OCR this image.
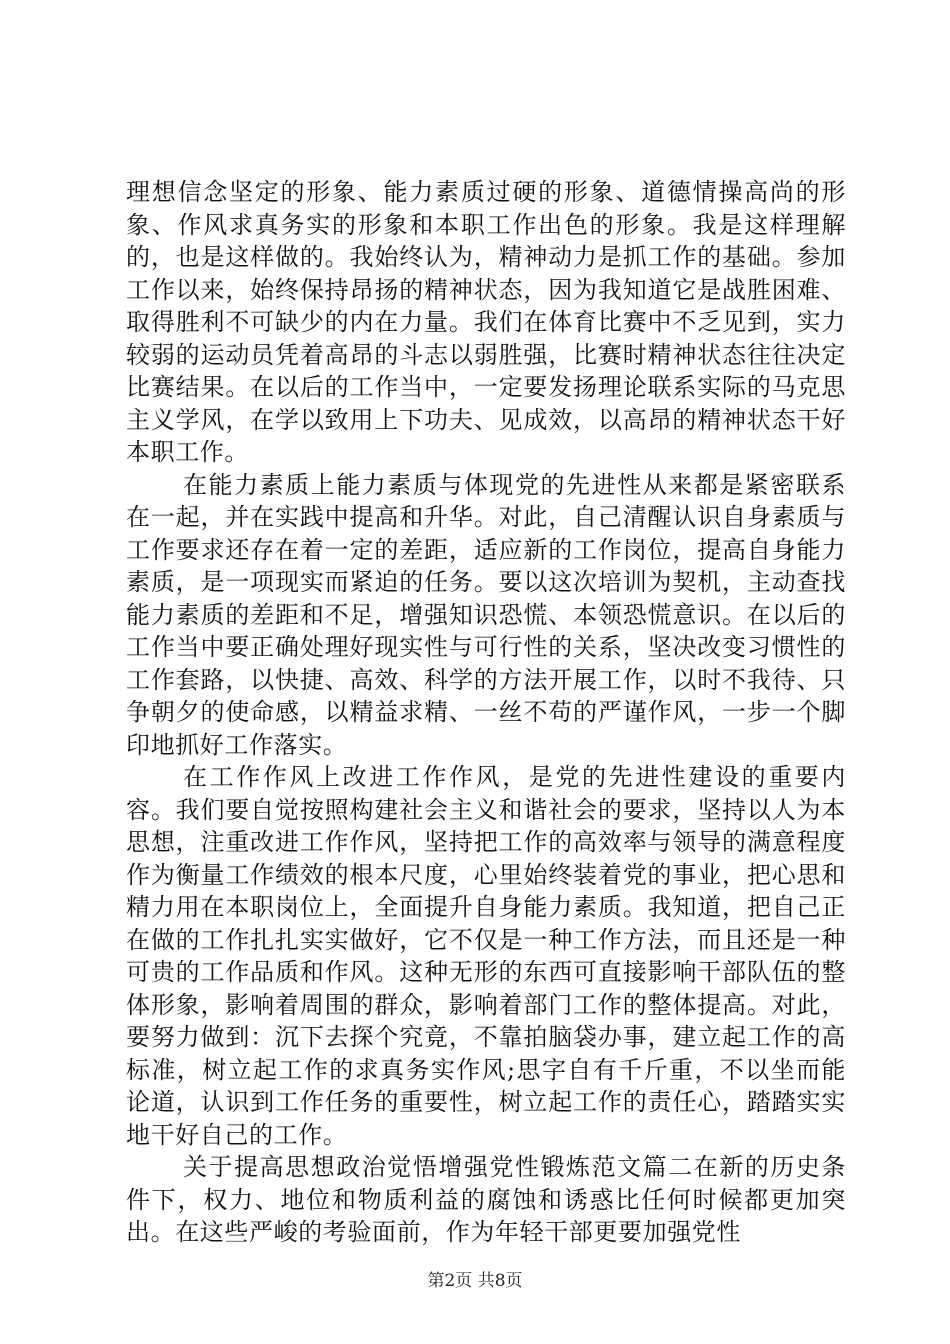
理想信念坚定的形象、能力素质过硬的形象、道德情操高尚的形象、作风求真务实的形象和本职工作出色的形象。我是这样理解的，也是这样做的。我始终认为，精神动力是抓工作的基础。参加工作以来，始终保持昂扬的精神状态，因为我知道它是战胜困难、取得胜利不可缺少的内在力量。我们在体育比赛中不乏见到，实力较弱的运动员凭着高昂的斗志以弱胜强，比赛时精神状态往往决定比赛结果。在以后的工作当中，一定要发扬理论联系实际的马克思主义学风，在学以致用上下功夫、见成效，以高昂的精神状态干好本职工作。

在能力素质上能力素质与体现党的先进性从来都是紧密联系在一起，并在实践中提高和升华。对此，自己清醒认识自身素质与工作要求还存在着一定的差距，适应新的工作岗位，提高自身能力素质，是一项现实而紧迫的任务。要以这次培训为契机，主动查找能力素质的差距和不足，增强知识恐慌、本领恐慌意识。在以后的工作当中要正确处理好现实性与可行性的关系，坚决改变习惯性的工作套路，以快捷、高效、科学的方法开展工作，以时不我待、只争朝夕的使命感，以精益求精、一丝不苟的严谨作风，一步一个脚印地抓好工作落实。

在工作作风上改进工作作风，是党的先进性建设的重要内容。我们要自觉按照构建社会主义和谐社会的要求，坚持以人为本思想，注重改进工作作风，坚持把工作的高效率与领导的满意程度作为衡量工作绩效的根本尺度，心里始终装着党的事业，把心思和精力用在本职岗位上，全面提升自身能力素质。我知道，把自己正在做的工作扎扎实实做好，它不仅是一种工作方法，而且还是一种可贵的工作品质和作风。这种无形的东西可直接影响干部队伍的整体形象，影响着周围的群众，影响着部门工作的整体提高。对此，要努力做到：沉下去探个究竟，不靠拍脑袋办事，建立起工作的高标准，树立起工作的求真务实作风;思字自有千斤重，不以坐而能论道，认识到工作任务的重要性，树立起工作的责任心，踏踏实实地干好自己的工作。

关于提高思想政治觉悟增强党性锻炼范文篇二在新的历史条件下，权力、地位和物质利益的腐蚀和诱惑比任何时候都更加突出。在这些严峻的考验面前，作为年轻干部更要加强党性

第2页 共8页
